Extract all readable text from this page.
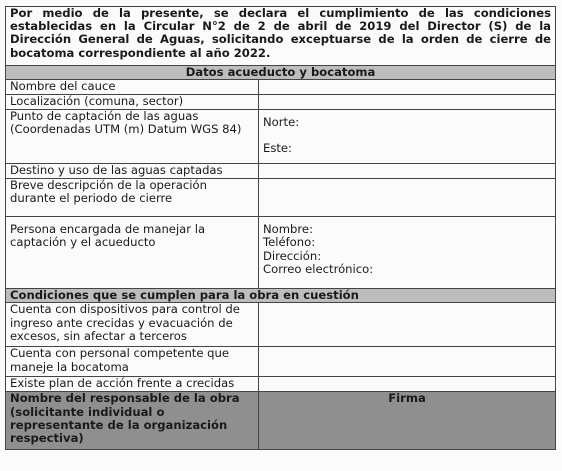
Por medio de la presente, se declara el cumplimiento de las condiciones establecidas en la Circular N°2 de 2 de abril de 2019 del Director (S) de la Dirección General de Aguas, solicitando exceptuarse de la orden de cierre de bocatoma correspondiente al año 2022.	
Datos acueducto y bocatoma	
Nombre del cauce	
Localización (comuna, sector)	
Punto de captación de las aguas (Coordenadas UTM (m) Datum WGS 84)	Norte:
Este:

Destino y uso de las aguas captadas	
Breve descripción de la operación durante el periodo de cierre	
Persona encargada de manejar la captación y el acueducto	Nombre:
Teléfono:
Dirección:
Correo electrónico:

Condiciones que se cumplen para la obra en cuestión	
Cuenta con dispositivos para control de ingreso ante crecidas y evacuación de excesos, sin afectar a terceros	
Cuenta con personal competente que maneje la bocatoma	
Existe plan de acción frente a crecidas	
Nombre del responsable de la obra (solicitante individual o representante de la organización respectiva)	Firma
